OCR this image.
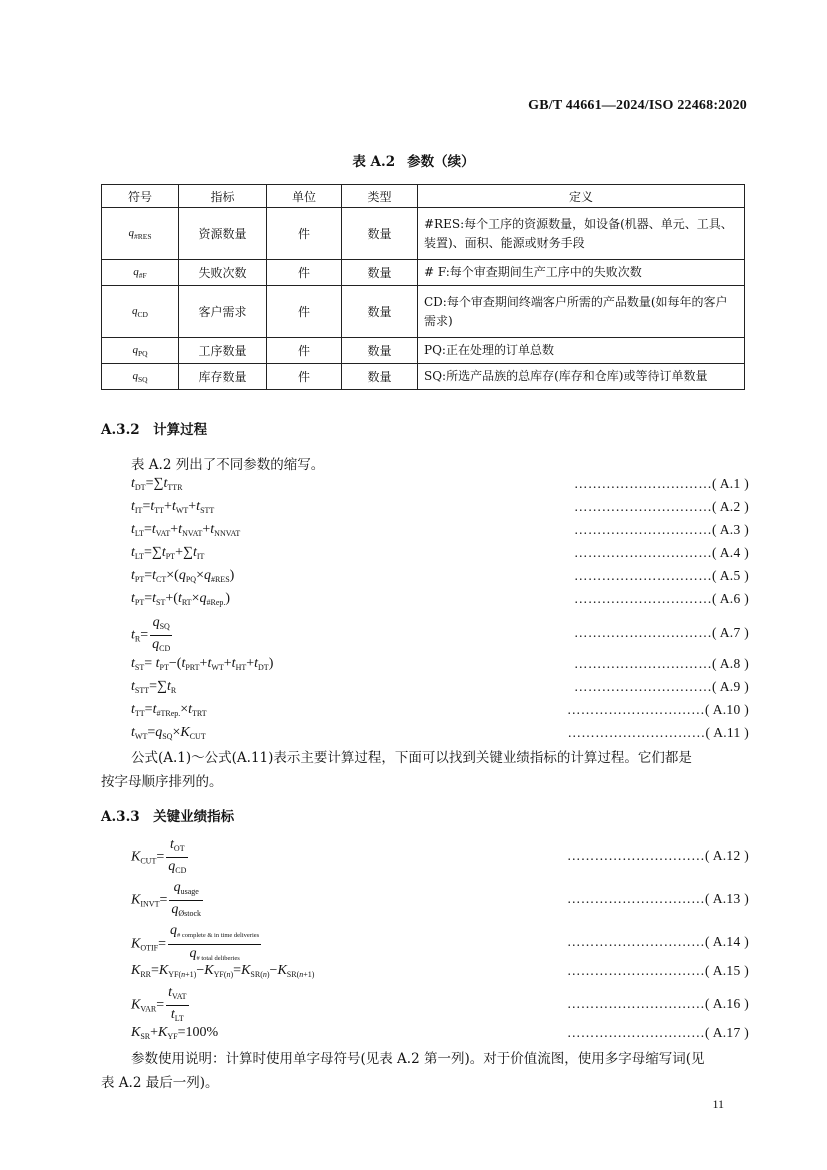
GB/T 44661—2024/ISO 22468:2020
表 A.2 参数（续）
符号	指标	单位	类型	定义
$q_{\#RES}$	资源数量	件	数量	#RES:每个工序的资源数量，如设备(机器、单元、工具、装置)、面积、能源或财务手段
$q_{\#F}$	失败次数	件	数量	# F:每个审查期间生产工序中的失败次数
$q_{CD}$	客户需求	件	数量	CD:每个审查期间终端客户所需的产品数量(如每年的客户需求)
$q_{PQ}$	工序数量	件	数量	PQ:正在处理的订单总数
$q_{SQ}$	库存数量	件	数量	SQ:所选产品族的总库存(库存和仓库)或等待订单数量
A.3.2　计算过程
表 A.2 列出了不同参数的缩写。
$t_{DT}=\sum t_{TTR}$	…………………………( A.1 )
$t_{IT}=t_{TT}+t_{WT}+t_{STT}$	…………………………( A.2 )
$t_{LT}=t_{VAT}+t_{NVAT}+t_{NNVAT}$	…………………………( A.3 )
$t_{LT}=\sum t_{PT}+\sum t_{IT}$	…………………………( A.4 )
$t_{PT}=t_{CT}\times(q_{PQ}\times q_{\#RES})$	…………………………( A.5 )
$t_{PT}=t_{ST}+(t_{RT}\times q_{\#Rep.})$	…………………………( A.6 )
$t_R= \frac{q_{SQ}}{q_{CD}}$	…………………………( A.7 )
$t_{ST}= t_{PT}-(t_{PRT}+t_{WT}+t_{HT}+t_{DT})$	…………………………( A.8 )
$t_{STT}=\sum t_R$	…………………………( A.9 )
$t_{TT}=t_{\#TRep.}\times t_{TRT}$	…………………………( A.10 )
$t_{WT}=q_{SQ}\times K_{CUT}$	…………………………( A.11 )
公式(A.1)～公式(A.11)表示主要计算过程，下面可以找到关键业绩指标的计算过程。它们都是
按字母顺序排列的。
A.3.3　关键业绩指标
$K_{CUT}= \frac{t_{OT}}{q_{CD}}$	…………………………( A.12 )
$K_{INVT}= \frac{q_{usage}}{q_{Østock}}$	…………………………( A.13 )
$K_{OTIF}= \frac{q_{\# complete \& in time deliveries}}{q_{\# total deliberies}}$	…………………………( A.14 )
$K_{RR}=K_{YF(n+1)}-K_{YF(n)}=K_{SR(n)}-K_{SR(n+1)}$	…………………………( A.15 )
$K_{VAR}= \frac{t_{VAT}}{t_{LT}}$	…………………………( A.16 )
$K_{SR}+K_{YF}=100\%$	…………………………( A.17 )
参数使用说明：计算时使用单字母符号(见表 A.2 第一列)。对于价值流图，使用多字母缩写词(见
表 A.2 最后一列)。
11
